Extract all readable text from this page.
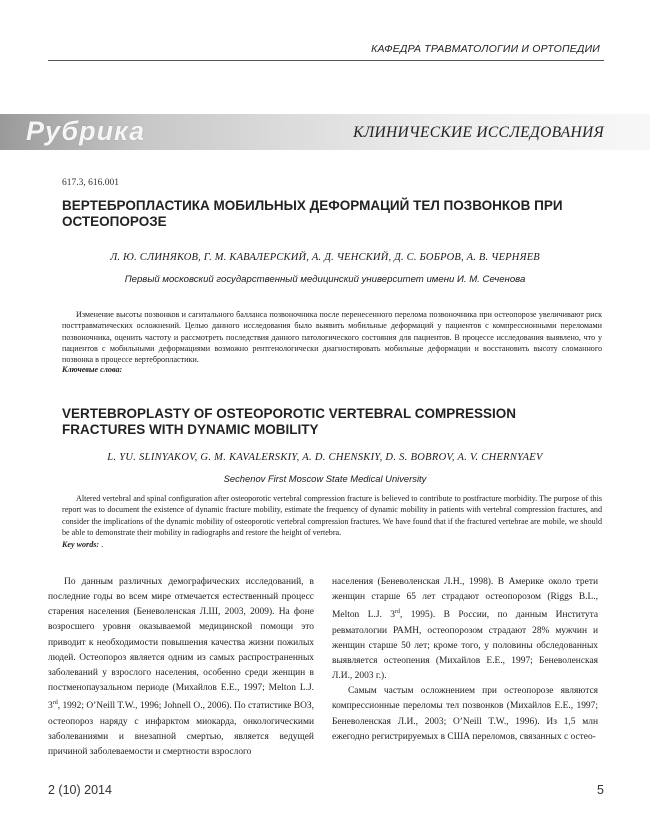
КАФЕДРА ТРАВМАТОЛОГИИ И ОРТОПЕДИИ
Рубрика	КЛИНИЧЕСКИЕ ИССЛЕДОВАНИЯ
617.3, 616.001
ВЕРТЕБРОПЛАСТИКА МОБИЛЬНЫХ ДЕФОРМАЦИЙ ТЕЛ ПОЗВОНКОВ ПРИ ОСТЕОПОРОЗЕ
Л. Ю. СЛИНЯКОВ, Г. М. КАВАЛЕРСКИЙ, А. Д. ЧЕНСКИЙ, Д. С. БОБРОВ, А. В. ЧЕРНЯЕВ
Первый московский государственный медицинский университет имени И. М. Сеченова
Изменение высоты позвонков и сагитального балланса позвоночника после перенесенного перелома позвоночника при остеопорозе увеличивают риск посттравматических осложнений. Целью данного исследования было выявить мобильные деформаций у пациентов с компрессионными переломами позвоночника, оценить частоту и рассмотреть последствия данного патологического состояния для пациентов. В процессе исследования выявлено, что у пациентов с мобильными деформациями возможно рентгенологически диагностировать мобильные деформации и восстановить высоту сломанного позвонка в процессе вертебропластики.
Ключевые слова:
VERTEBROPLASTY OF OSTEOPOROTIC VERTEBRAL COMPRESSION FRACTURES WITH DYNAMIC MOBILITY
L. YU. SLINYAKOV, G. M. KAVALERSKIY, A. D. CHENSKIY, D. S. BOBROV, A. V. CHERNYAEV
Sechenov First Moscow State Medical University
Altered vertebral and spinal configuration after osteoporotic vertebral compression fracture is believed to contribute to postfracture morbidity. The purpose of this report was to document the existence of dynamic fracture mobility, estimate the frequency of dynamic mobility in patients with vertebral compression fractures, and consider the implications of the dynamic mobility of osteoporotic vertebral compression fractures. We have found that if the fractured vertebrae are mobile, we should be able to demonstrate their mobility in radiographs and restore the height of vertebra.
Key words: .

По данным различных демографических исследований, в последние годы во всем мире отмечается естественный процесс старения населения (Беневоленская Л.Ш, 2003, 2009). На фоне возросшего уровня оказываемой медицинской помощи это приводит к необходимости повышения качества жизни пожилых людей. Остеопороз является одним из самых распространенных заболеваний у взрослого населения, особенно среди женщин в постменопаузальном периоде (Михайлов Е.Е., 1997; Melton L.J. 3rd, 1992; O’Neill T.W., 1996; Johnell O., 2006). По статистике ВОЗ, остеопороз наряду с инфарктом миокарда, онкологическими заболеваниями и внезапной смертью, является ведущей причиной заболеваемости и смертности взрослого

населения (Беневоленская Л.Н., 1998). В Америке около трети женщин старше 65 лет страдают остеопорозом (Riggs B.L., Melton L.J. 3rd, 1995). В России, по данным Института ревматологии РАМН, остеопорозом страдают 28% мужчин и женщин старше 50 лет; кроме того, у половины обследованных выявляется остеопения (Михайлов Е.Е., 1997; Беневоленская Л.И., 2003 г.).

Самым частым осложнением при остеопорозе являются компрессионные переломы тел позвонков (Михайлов Е.Е., 1997; Беневоленская Л.И., 2003; O’Neill T.W., 1996). Из 1,5 млн ежегодно регистрируемых в США переломов, связанных с остео-

2 (10) 2014	5
